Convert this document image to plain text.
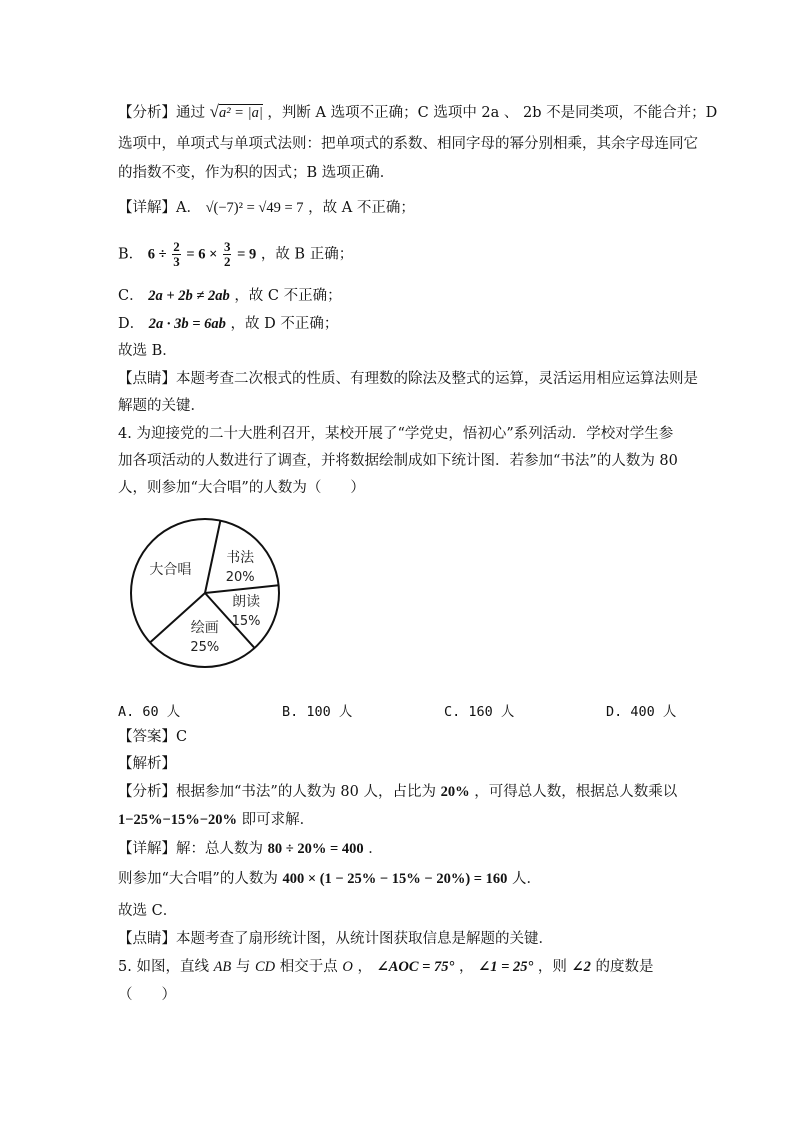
【分析】通过 √a² = |a| ，判断 A 选项不正确；C 选项中 2a 、 2b 不是同类项，不能合并；D
选项中，单项式与单项式法则：把单项式的系数、相同字母的幂分别相乘，其余字母连同它
的指数不变，作为积的因式；B 选项正确．
【详解】A． √(−7)² = √49 = 7 ，故 A 不正确；
B． $6 \div \frac{2}{3} = 6 \times \frac{3}{2} = 9$ ，故 B 正确；
C． 2a + 2b ≠ 2ab ，故 C 不正确；
D． 2a · 3b = 6ab ，故 D 不正确；
故选 B．
【点睛】本题考查二次根式的性质、有理数的除法及整式的运算，灵活运用相应运算法则是
解题的关键．
4. 为迎接党的二十大胜利召开，某校开展了“学党史，悟初心”系列活动．学校对学生参
加各项活动的人数进行了调查，并将数据绘制成如下统计图．若参加“书法”的人数为 80
人，则参加“大合唱”的人数为（　　）
书法
20%
朗读
15%
绘画
25%
大合唱
A. 60 人	B. 100 人	C. 160 人	D. 400 人
【答案】C
【解析】
【分析】根据参加“书法”的人数为 80 人，占比为 20% ，可得总人数，根据总人数乘以
1−25%−15%−20% 即可求解．
【详解】解：总人数为 80 ÷ 20% = 400 ．
则参加“大合唱”的人数为 400 × (1 − 25% − 15% − 20%) = 160 人．
故选 C．
【点睛】本题考查了扇形统计图，从统计图获取信息是解题的关键．
5. 如图，直线 AB 与 CD 相交于点 O ， ∠AOC = 75° ， ∠1 = 25° ，则 ∠2 的度数是
（　　）
